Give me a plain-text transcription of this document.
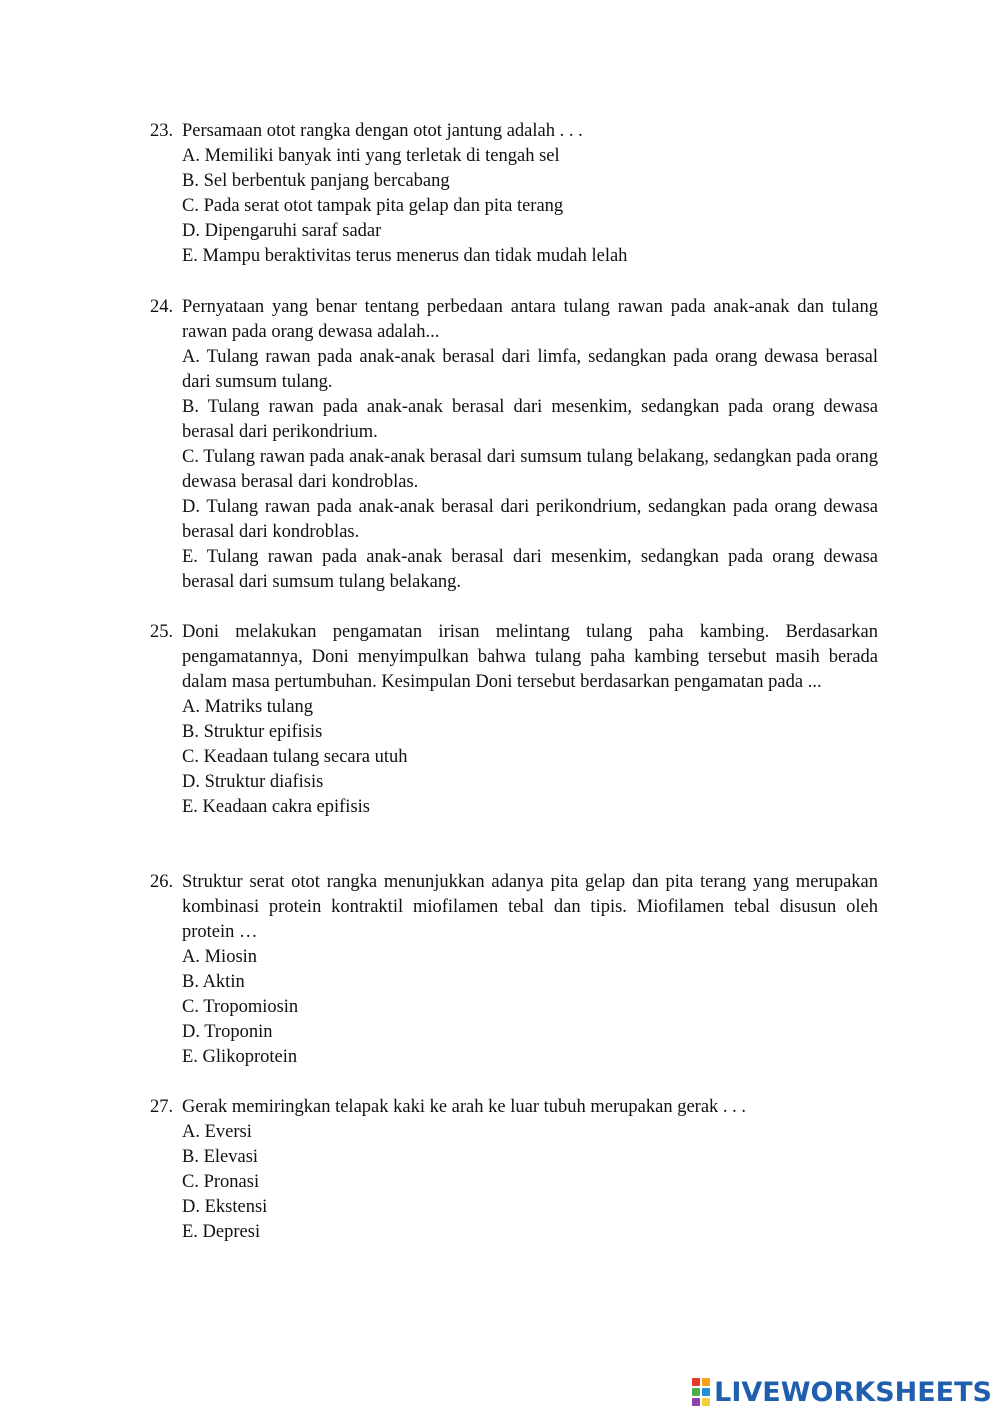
23. Persamaan otot rangka dengan otot jantung adalah . . .
A. Memiliki banyak inti yang terletak di tengah sel
B. Sel berbentuk panjang bercabang
C. Pada serat otot tampak pita gelap dan pita terang
D. Dipengaruhi saraf sadar
E. Mampu beraktivitas terus menerus dan tidak mudah lelah
24. Pernyataan yang benar tentang perbedaan antara tulang rawan pada anak-anak dan tulang rawan pada orang dewasa adalah...
A. Tulang rawan pada anak-anak berasal dari limfa, sedangkan pada orang dewasa berasal dari sumsum tulang.
B. Tulang rawan pada anak-anak berasal dari mesenkim, sedangkan pada orang dewasa berasal dari perikondrium.
C. Tulang rawan pada anak-anak berasal dari sumsum tulang belakang, sedangkan pada orang dewasa berasal dari kondroblas.
D. Tulang rawan pada anak-anak berasal dari perikondrium, sedangkan pada orang dewasa berasal dari kondroblas.
E. Tulang rawan pada anak-anak berasal dari mesenkim, sedangkan pada orang dewasa berasal dari sumsum tulang belakang.
25. Doni melakukan pengamatan irisan melintang tulang paha kambing. Berdasarkan pengamatannya, Doni menyimpulkan bahwa tulang paha kambing tersebut masih berada dalam masa pertumbuhan. Kesimpulan Doni tersebut berdasarkan pengamatan pada ...
A. Matriks tulang
B. Struktur epifisis
C. Keadaan tulang secara utuh
D. Struktur diafisis
E. Keadaan cakra epifisis
26. Struktur serat otot rangka menunjukkan adanya pita gelap dan pita terang yang merupakan kombinasi protein kontraktil miofilamen tebal dan tipis. Miofilamen tebal disusun oleh protein …
A. Miosin
B. Aktin
C. Tropomiosin
D. Troponin
E. Glikoprotein
27. Gerak memiringkan telapak kaki ke arah ke luar tubuh merupakan gerak . . .
A. Eversi
B. Elevasi
C. Pronasi
D. Ekstensi
E. Depresi
LIVEWORKSHEETS
